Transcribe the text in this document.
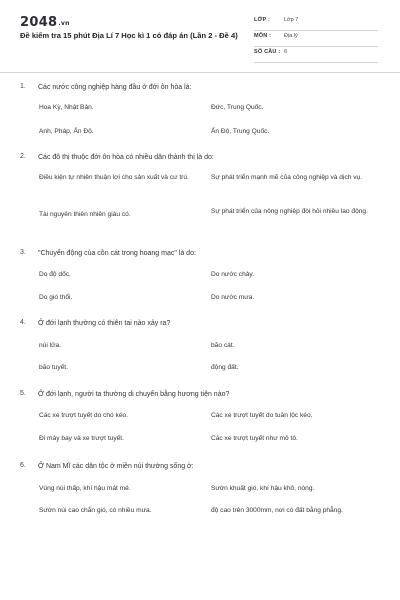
2048.vn
Đề kiểm tra 15 phút Địa Lí 7 Học kì 1 có đáp án (Lần 2 - Đề 4)
LỚP :	Lớp 7
MÔN : Địa lý
SỐ CÂU : 6
1. Các nước công nghiệp hàng đầu ở đới ôn hòa là:
Hoa Kỳ, Nhật Bản.	Đức, Trung Quốc.
Anh, Pháp, Ấn Độ.	Ấn Độ, Trung Quốc.
2. Các đô thị thuộc đới ôn hòa có nhiều dân thành thị là do:
Điều kiện tự nhiên thuận lợi cho sản xuất và cư trú.	Sự phát triển mạnh mẽ của công nghiệp và dịch vụ.
Tài nguyên thiên nhiên giàu có.	Sự phát triển của nông nghiệp đòi hỏi nhiều lao động.
3. "Chuyển động của cồn cát trong hoang mạc" là do:
Do độ dốc.	Do nước chảy.
Do gió thổi.	Do nước mưa.
4. Ở đới lạnh thường có thiên tai nào xảy ra?
núi lửa.	bão cát.
bão tuyết.	động đất.
5. Ở đới lạnh, người ta thường di chuyển bằng hương tiện nào?
Các xe trượt tuyết do chó kéo.	Các xe trượt tuyết do tuần lộc kéo.
Đi máy bay và xe trượt tuyết.	Các xe trượt tuyết như mô tô.
6. Ở Nam Mĩ các dân tộc ở miền núi thường sống ở:
Vùng núi thấp, khí hậu mát mẻ.	Sườn khuất gió, khí hậu khô, nóng.
Sườn núi cao chắn gió, có nhiều mưa.	độ cao trên 3000mm, nơi có đất bằng phẳng.
